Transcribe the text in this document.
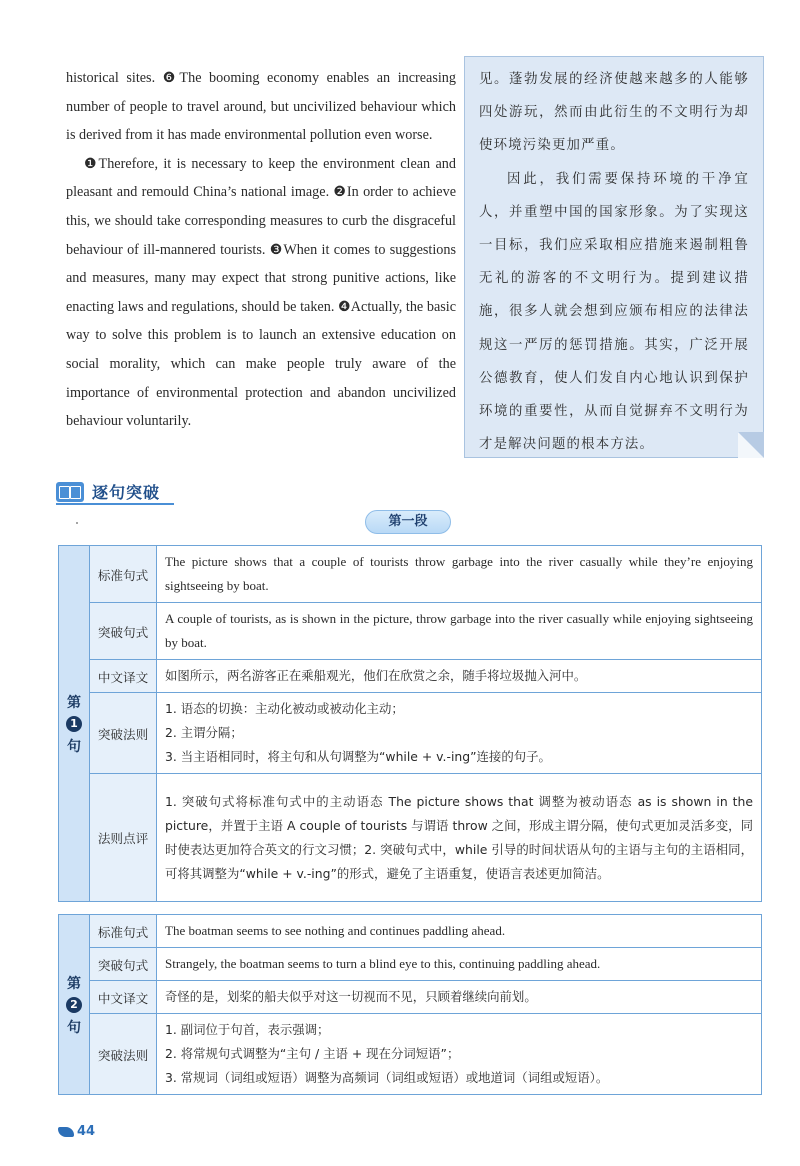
historical sites. ❻The booming economy enables an increasing number of people to travel around, but uncivilized behaviour which is derived from it has made environmental pollution even worse.

❶Therefore, it is necessary to keep the environment clean and pleasant and remould China’s national image. ❷In order to achieve this, we should take corresponding measures to curb the disgraceful behaviour of ill-mannered tourists. ❸When it comes to suggestions and measures, many may expect that strong punitive actions, like enacting laws and regulations, should be taken. ❹Actually, the basic way to solve this problem is to launch an extensive education on social morality, which can make people truly aware of the importance of environmental protection and abandon uncivilized behaviour voluntarily.

见。蓬勃发展的经济使越来越多的人能够四处游玩，然而由此衍生的不文明行为却使环境污染更加严重。

因此，我们需要保持环境的干净宜人，并重塑中国的国家形象。为了实现这一目标，我们应采取相应措施来遏制粗鲁无礼的游客的不文明行为。提到建议措施，很多人就会想到应颁布相应的法律法规这一严厉的惩罚措施。其实，广泛开展公德教育，使人们发自内心地认识到保护环境的重要性，从而自觉摒弃不文明行为才是解决问题的根本方法。

逐句突破
第一段
第
1
句	标准句式	The picture shows that a couple of tourists throw garbage into the river casually while they’re enjoying sightseeing by boat.

	突破句式	A couple of tourists, as is shown in the picture, throw garbage into the river casually while enjoying sightseeing by boat.

	中文译文	如图所示，两名游客正在乘船观光，他们在欣赏之余，随手将垃圾抛入河中。

	突破法则	1. 语态的切换：主动化被动或被动化主动；
2. 主谓分隔；
3. 当主语相同时，将主句和从句调整为“while + v.-ing”连接的句子。

	法则点评	1. 突破句式将标准句式中的主动语态 The picture shows that 调整为被动语态 as is shown in the picture，并置于主语 A couple of tourists 与谓语 throw 之间，形成主谓分隔，使句式更加灵活多变，同时使表达更加符合英文的行文习惯；2. 突破句式中，while 引导的时间状语从句的主语与主句的主语相同，可将其调整为“while + v.-ing”的形式，避免了主语重复，使语言表述更加简洁。
第
2
句	标准句式	The boatman seems to see nothing and continues paddling ahead.

	突破句式	Strangely, the boatman seems to turn a blind eye to this, continuing paddling ahead.

	中文译文	奇怪的是，划桨的船夫似乎对这一切视而不见，只顾着继续向前划。

	突破法则	1. 副词位于句首，表示强调；
2. 将常规句式调整为“主句 / 主语 + 现在分词短语”；
3. 常规词（词组或短语）调整为高频词（词组或短语）或地道词（词组或短语）。
44
